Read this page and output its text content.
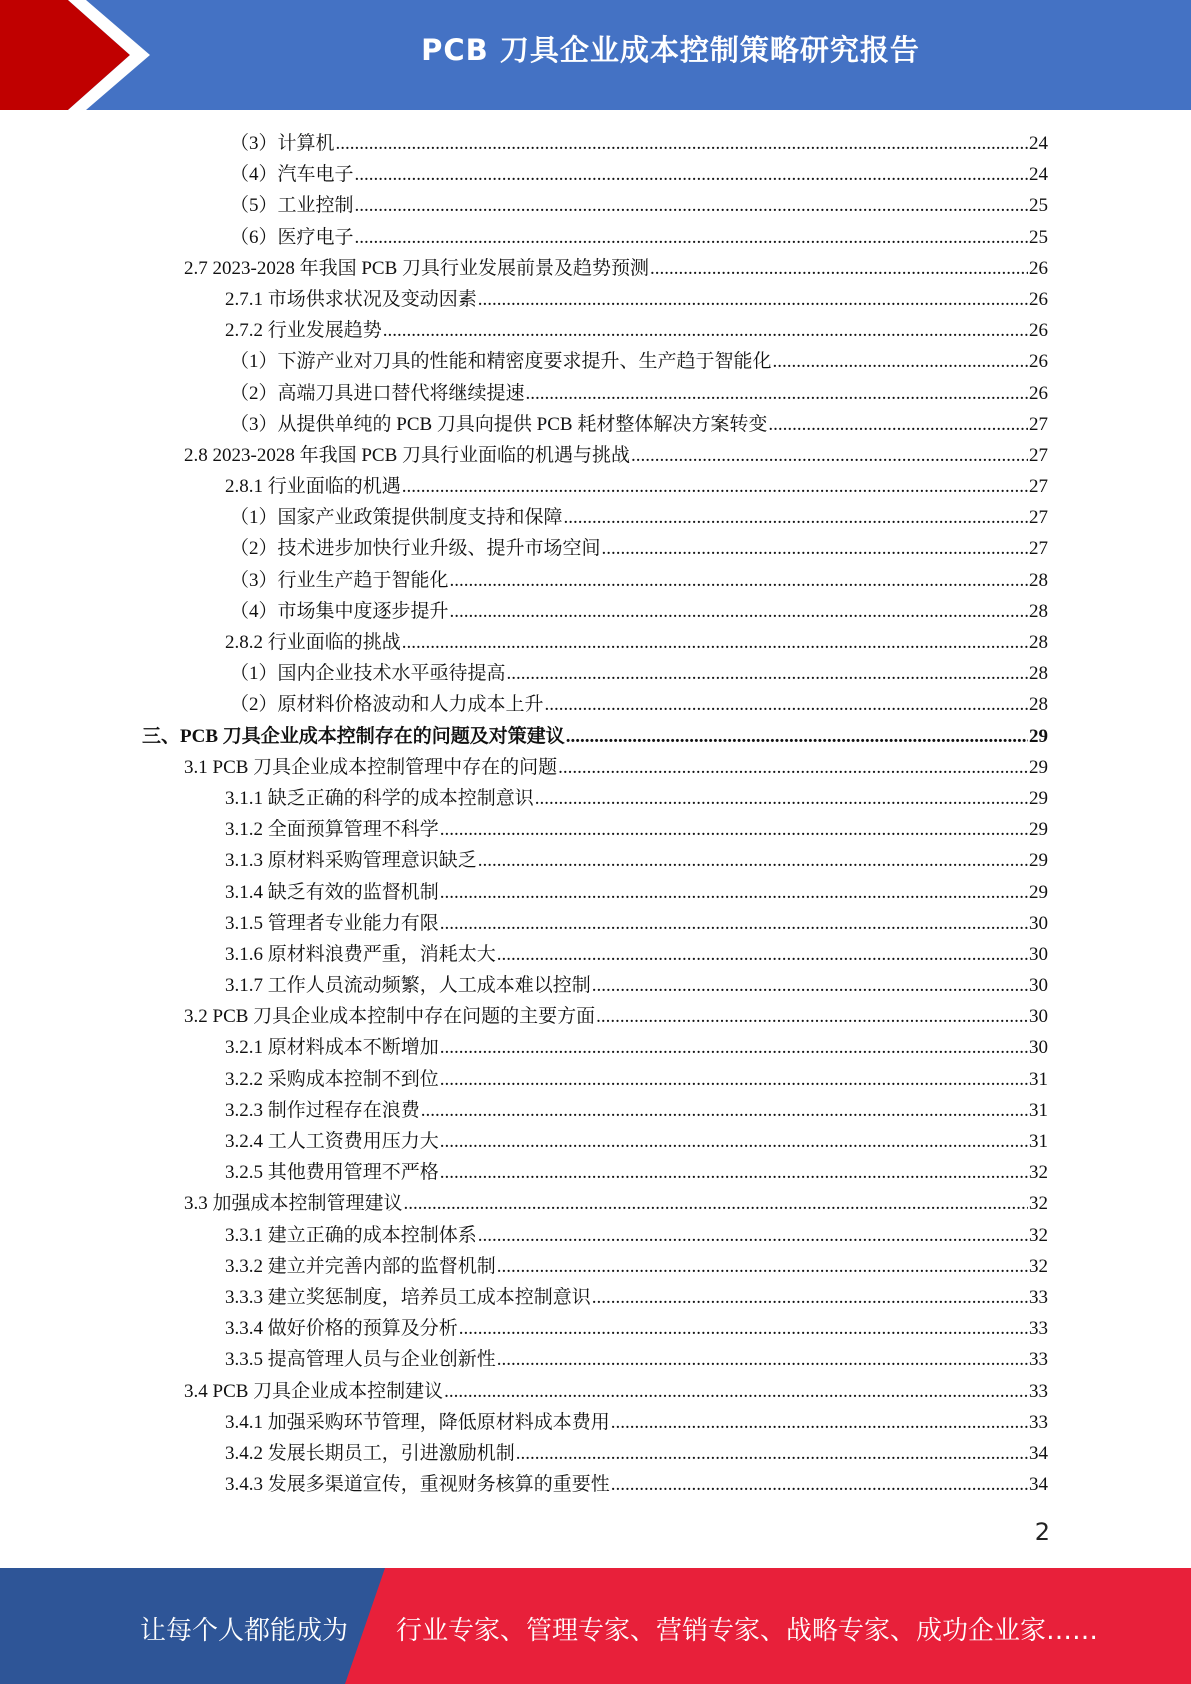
PCB 刀具企业成本控制策略研究报告
（3）计算机 .....	24
（4）汽车电子 .....	24
（5）工业控制 .....	25
（6）医疗电子 .....	25
2.7 2023-2028 年我国 PCB 刀具行业发展前景及趋势预测 .....	26
2.7.1 市场供求状况及变动因素 .....	26
2.7.2 行业发展趋势 .....	26
（1）下游产业对刀具的性能和精密度要求提升、生产趋于智能化 .....	26
（2）高端刀具进口替代将继续提速 .....	26
（3）从提供单纯的 PCB 刀具向提供 PCB 耗材整体解决方案转变 .....	27
2.8 2023-2028 年我国 PCB 刀具行业面临的机遇与挑战 .....	27
2.8.1 行业面临的机遇 .....	27
（1）国家产业政策提供制度支持和保障 .....	27
（2）技术进步加快行业升级、提升市场空间 .....	27
（3）行业生产趋于智能化 .....	28
（4）市场集中度逐步提升 .....	28
2.8.2 行业面临的挑战 .....	28
（1）国内企业技术水平亟待提高 .....	28
（2）原材料价格波动和人力成本上升 .....	28
三、PCB 刀具企业成本控制存在的问题及对策建议 .....	29
3.1 PCB 刀具企业成本控制管理中存在的问题 .....	29
3.1.1 缺乏正确的科学的成本控制意识 .....	29
3.1.2 全面预算管理不科学 .....	29
3.1.3 原材料采购管理意识缺乏 .....	29
3.1.4 缺乏有效的监督机制 .....	29
3.1.5 管理者专业能力有限 .....	30
3.1.6 原材料浪费严重，消耗太大 .....	30
3.1.7 工作人员流动频繁，人工成本难以控制 .....	30
3.2 PCB 刀具企业成本控制中存在问题的主要方面 .....	30
3.2.1 原材料成本不断增加 .....	30
3.2.2 采购成本控制不到位 .....	31
3.2.3 制作过程存在浪费 .....	31
3.2.4 工人工资费用压力大 .....	31
3.2.5 其他费用管理不严格 .....	32
3.3 加强成本控制管理建议 .....	32
3.3.1 建立正确的成本控制体系 .....	32
3.3.2 建立并完善内部的监督机制 .....	32
3.3.3 建立奖惩制度，培养员工成本控制意识 .....	33
3.3.4 做好价格的预算及分析 .....	33
3.3.5 提高管理人员与企业创新性 .....	33
3.4 PCB 刀具企业成本控制建议 .....	33
3.4.1 加强采购环节管理，降低原材料成本费用 .....	33
3.4.2 发展长期员工，引进激励机制 .....	34
3.4.3 发展多渠道宣传，重视财务核算的重要性 .....	34
2
让每个人都能成为 行业专家、管理专家、营销专家、战略专家、成功企业家……
